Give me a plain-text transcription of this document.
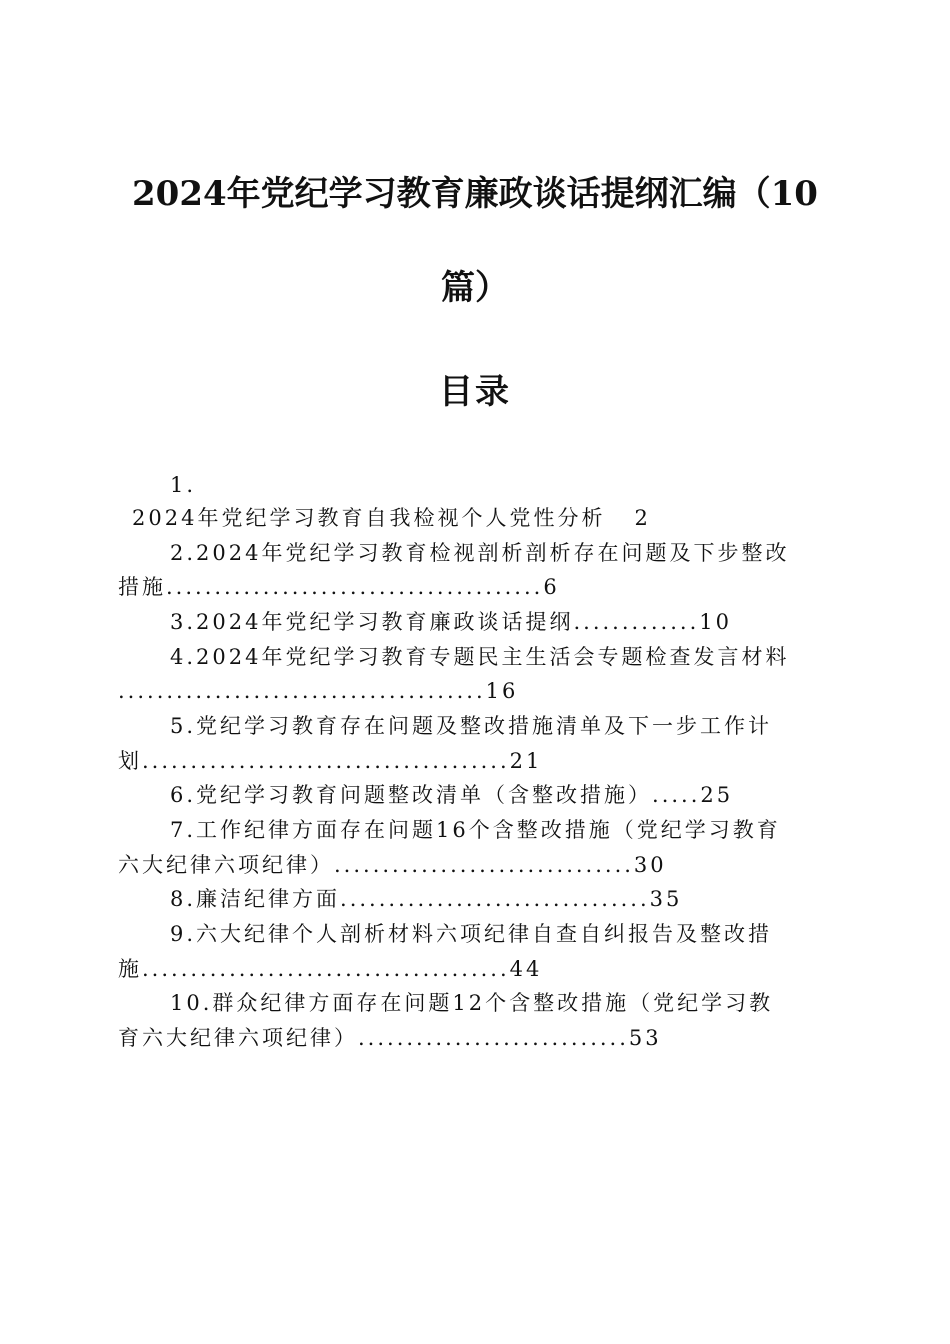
2024年党纪学习教育廉政谈话提纲汇编（10
篇）
目录
1.
2024年党纪学习教育自我检视个人党性分析   2
2.2024年党纪学习教育检视剖析剖析存在问题及下步整改
措施.......................................6
3.2024年党纪学习教育廉政谈话提纲.............10
4.2024年党纪学习教育专题民主生活会专题检查发言材料
......................................16
5.党纪学习教育存在问题及整改措施清单及下一步工作计
划......................................21
6.党纪学习教育问题整改清单（含整改措施）.....25
7.工作纪律方面存在问题16个含整改措施（党纪学习教育
六大纪律六项纪律）...............................30
8.廉洁纪律方面................................35
9.六大纪律个人剖析材料六项纪律自查自纠报告及整改措
施......................................44
10.群众纪律方面存在问题12个含整改措施（党纪学习教
育六大纪律六项纪律）............................53
